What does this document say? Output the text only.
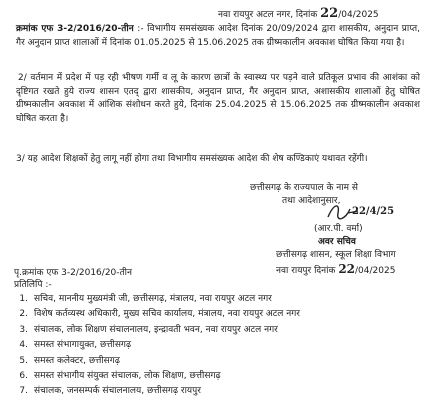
नवा रायपुर अटल नगर, दिनांक 22/04/2025
क्रमांक एफ 3-2/2016/20-तीन :- विभागीय समसंख्यक आदेश दिनांक 20/09/2024 द्वारा शासकीय, अनुदान प्राप्त, गैर अनुदान प्राप्त शालाओं में दिनांक 01.05.2025 से 15.06.2025 तक ग्रीष्मकालीन अवकाश घोषित किया गया है।
2/ वर्तमान में प्रदेश में पड़ रही भीषण गर्मी व लू के कारण छात्रों के स्वास्थ्य पर पड़ने वाले प्रतिकूल प्रभाव की आशंका को दृष्टिगत रखते हुये राज्य शासन एतद् द्वारा शासकीय, अनुदान प्राप्त, गैर अनुदान प्राप्त, अशासकीय शालाओं हेतु घोषित ग्रीष्मकालीन अवकाश में आंशिक संशोधन करते हुये, दिनांक 25.04.2025 से 15.06.2025 तक ग्रीष्मकालीन अवकाश घोषित करता है।
3/ यह आदेश शिक्षकों हेतु लागू नहीं होगा तथा विभागीय समसंख्यक आदेश की शेष कण्डिकाएं यथावत रहेंगी।
छत्तीसगढ़ के राज्यपाल के नाम से
तथा आदेशानुसार,
22/4/25
(आर.पी. वर्मा)
अवर सचिव
छत्तीसगढ़ शासन, स्कूल शिक्षा विभाग
नवा रायपुर दिनांक 22/04/2025
पृ.क्रमांक एफ 3-2/2016/20-तीन
प्रतिलिपि :-
1. सचिव, माननीय मुख्यमंत्री जी, छत्तीसगढ़, मंत्रालय, नवा रायपुर अटल नगर
2. विशेष कर्तव्यस्थ अधिकारी, मुख्य सचिव कार्यालय, मंत्रालय, नवा रायपुर अटल नगर
3. संचालक, लोक शिक्षण संचालनालय, इन्द्रावती भवन, नवा रायपुर अटल नगर
4. समस्त संभागायुक्त, छत्तीसगढ़
5. समस्त कलेक्टर, छत्तीसगढ़
6. समस्त संभागीय संयुक्त संचालक, लोक शिक्षण, छत्तीसगढ़
7. संचालक, जनसम्पर्क संचालनालय, छत्तीसगढ़ रायपुर
